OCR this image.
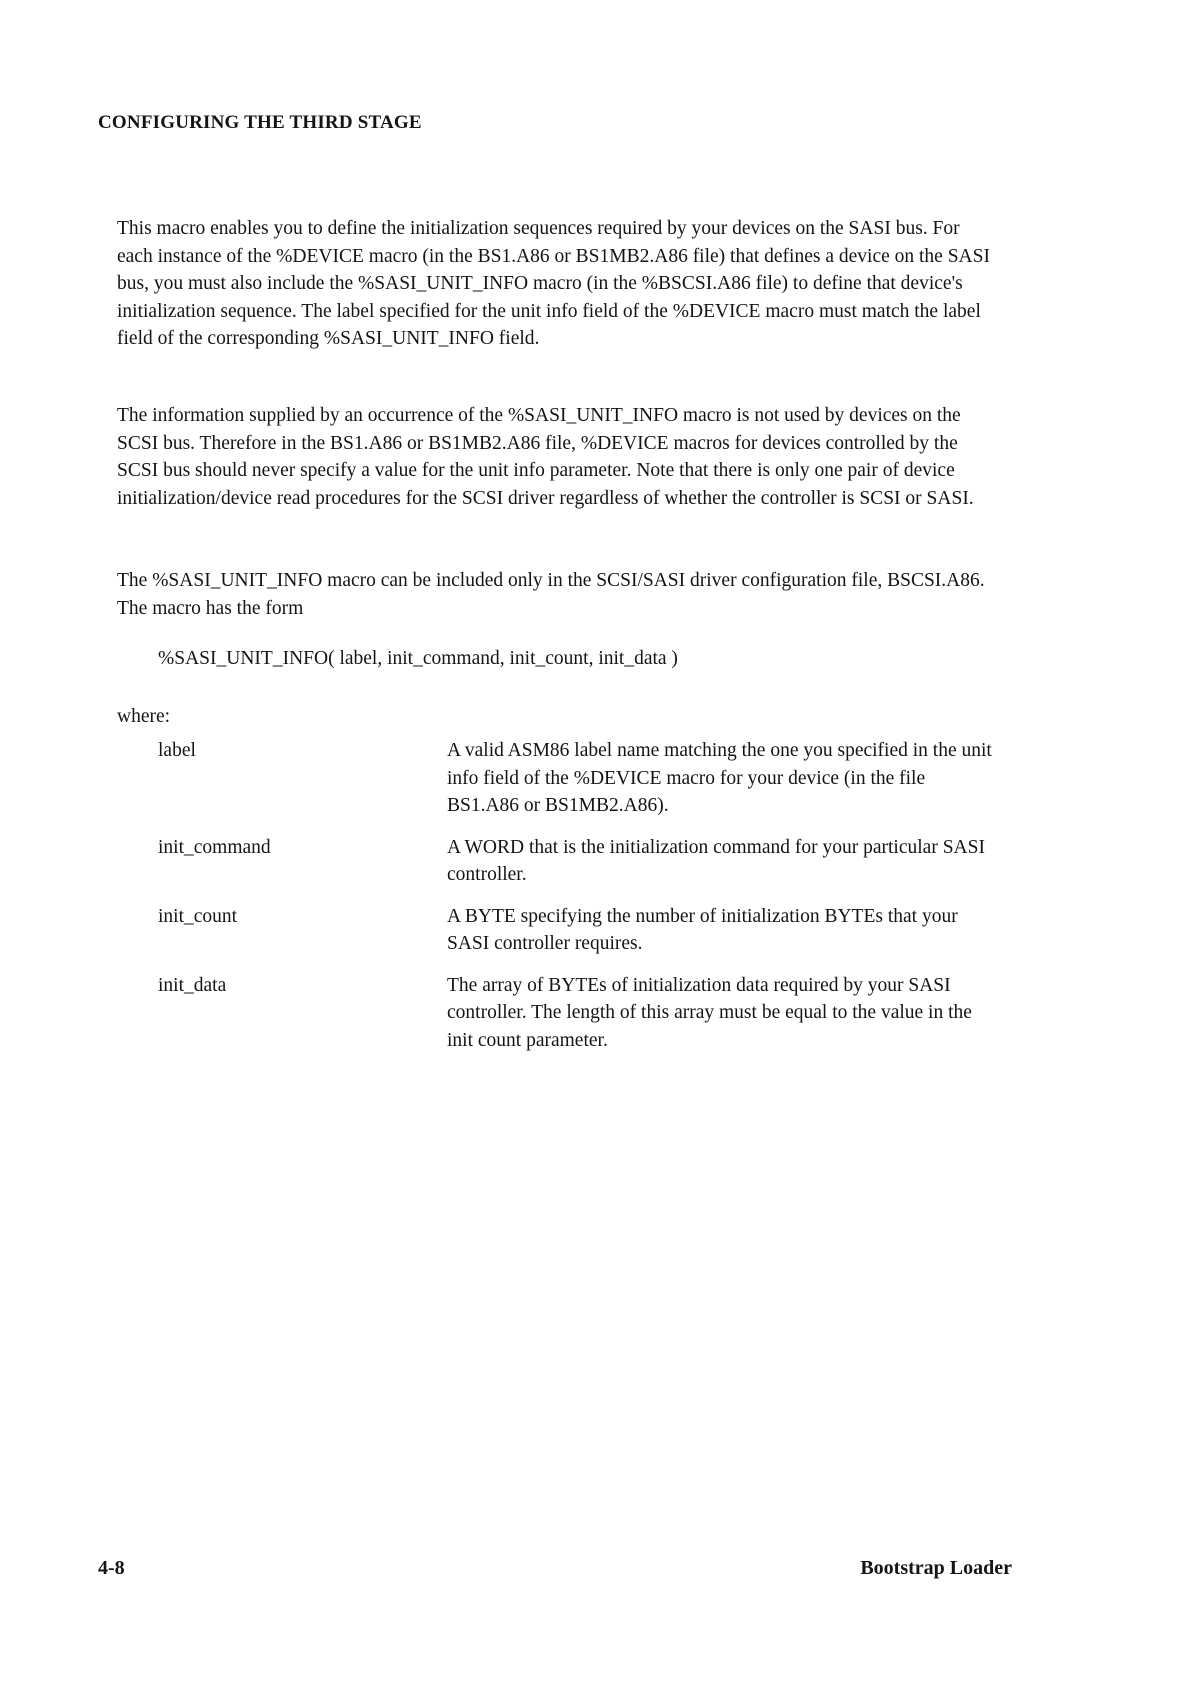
CONFIGURING THE THIRD STAGE

This macro enables you to define the initialization sequences required by your devices on the SASI bus. For each instance of the %DEVICE macro (in the BS1.A86 or BS1MB2.A86 file) that defines a device on the SASI bus, you must also include the %SASI_UNIT_INFO macro (in the %BSCSI.A86 file) to define that device's initialization sequence. The label specified for the unit info field of the %DEVICE macro must match the label field of the corresponding %SASI_UNIT_INFO field.

The information supplied by an occurrence of the %SASI_UNIT_INFO macro is not used by devices on the SCSI bus. Therefore in the BS1.A86 or BS1MB2.A86 file, %DEVICE macros for devices controlled by the SCSI bus should never specify a value for the unit info parameter. Note that there is only one pair of device initialization/device read procedures for the SCSI driver regardless of whether the controller is SCSI or SASI.

The %SASI_UNIT_INFO macro can be included only in the SCSI/SASI driver configuration file, BSCSI.A86. The macro has the form

%SASI_UNIT_INFO( label, init_command, init_count, init_data )

where:

label	A valid ASM86 label name matching the one you specified in the unit info field of the %DEVICE macro for your device (in the file BS1.A86 or BS1MB2.A86).
init_command	A WORD that is the initialization command for your particular SASI controller.
init_count	A BYTE specifying the number of initialization BYTEs that your SASI controller requires.
init_data	The array of BYTEs of initialization data required by your SASI controller. The length of this array must be equal to the value in the init count parameter.

4-8	Bootstrap Loader
